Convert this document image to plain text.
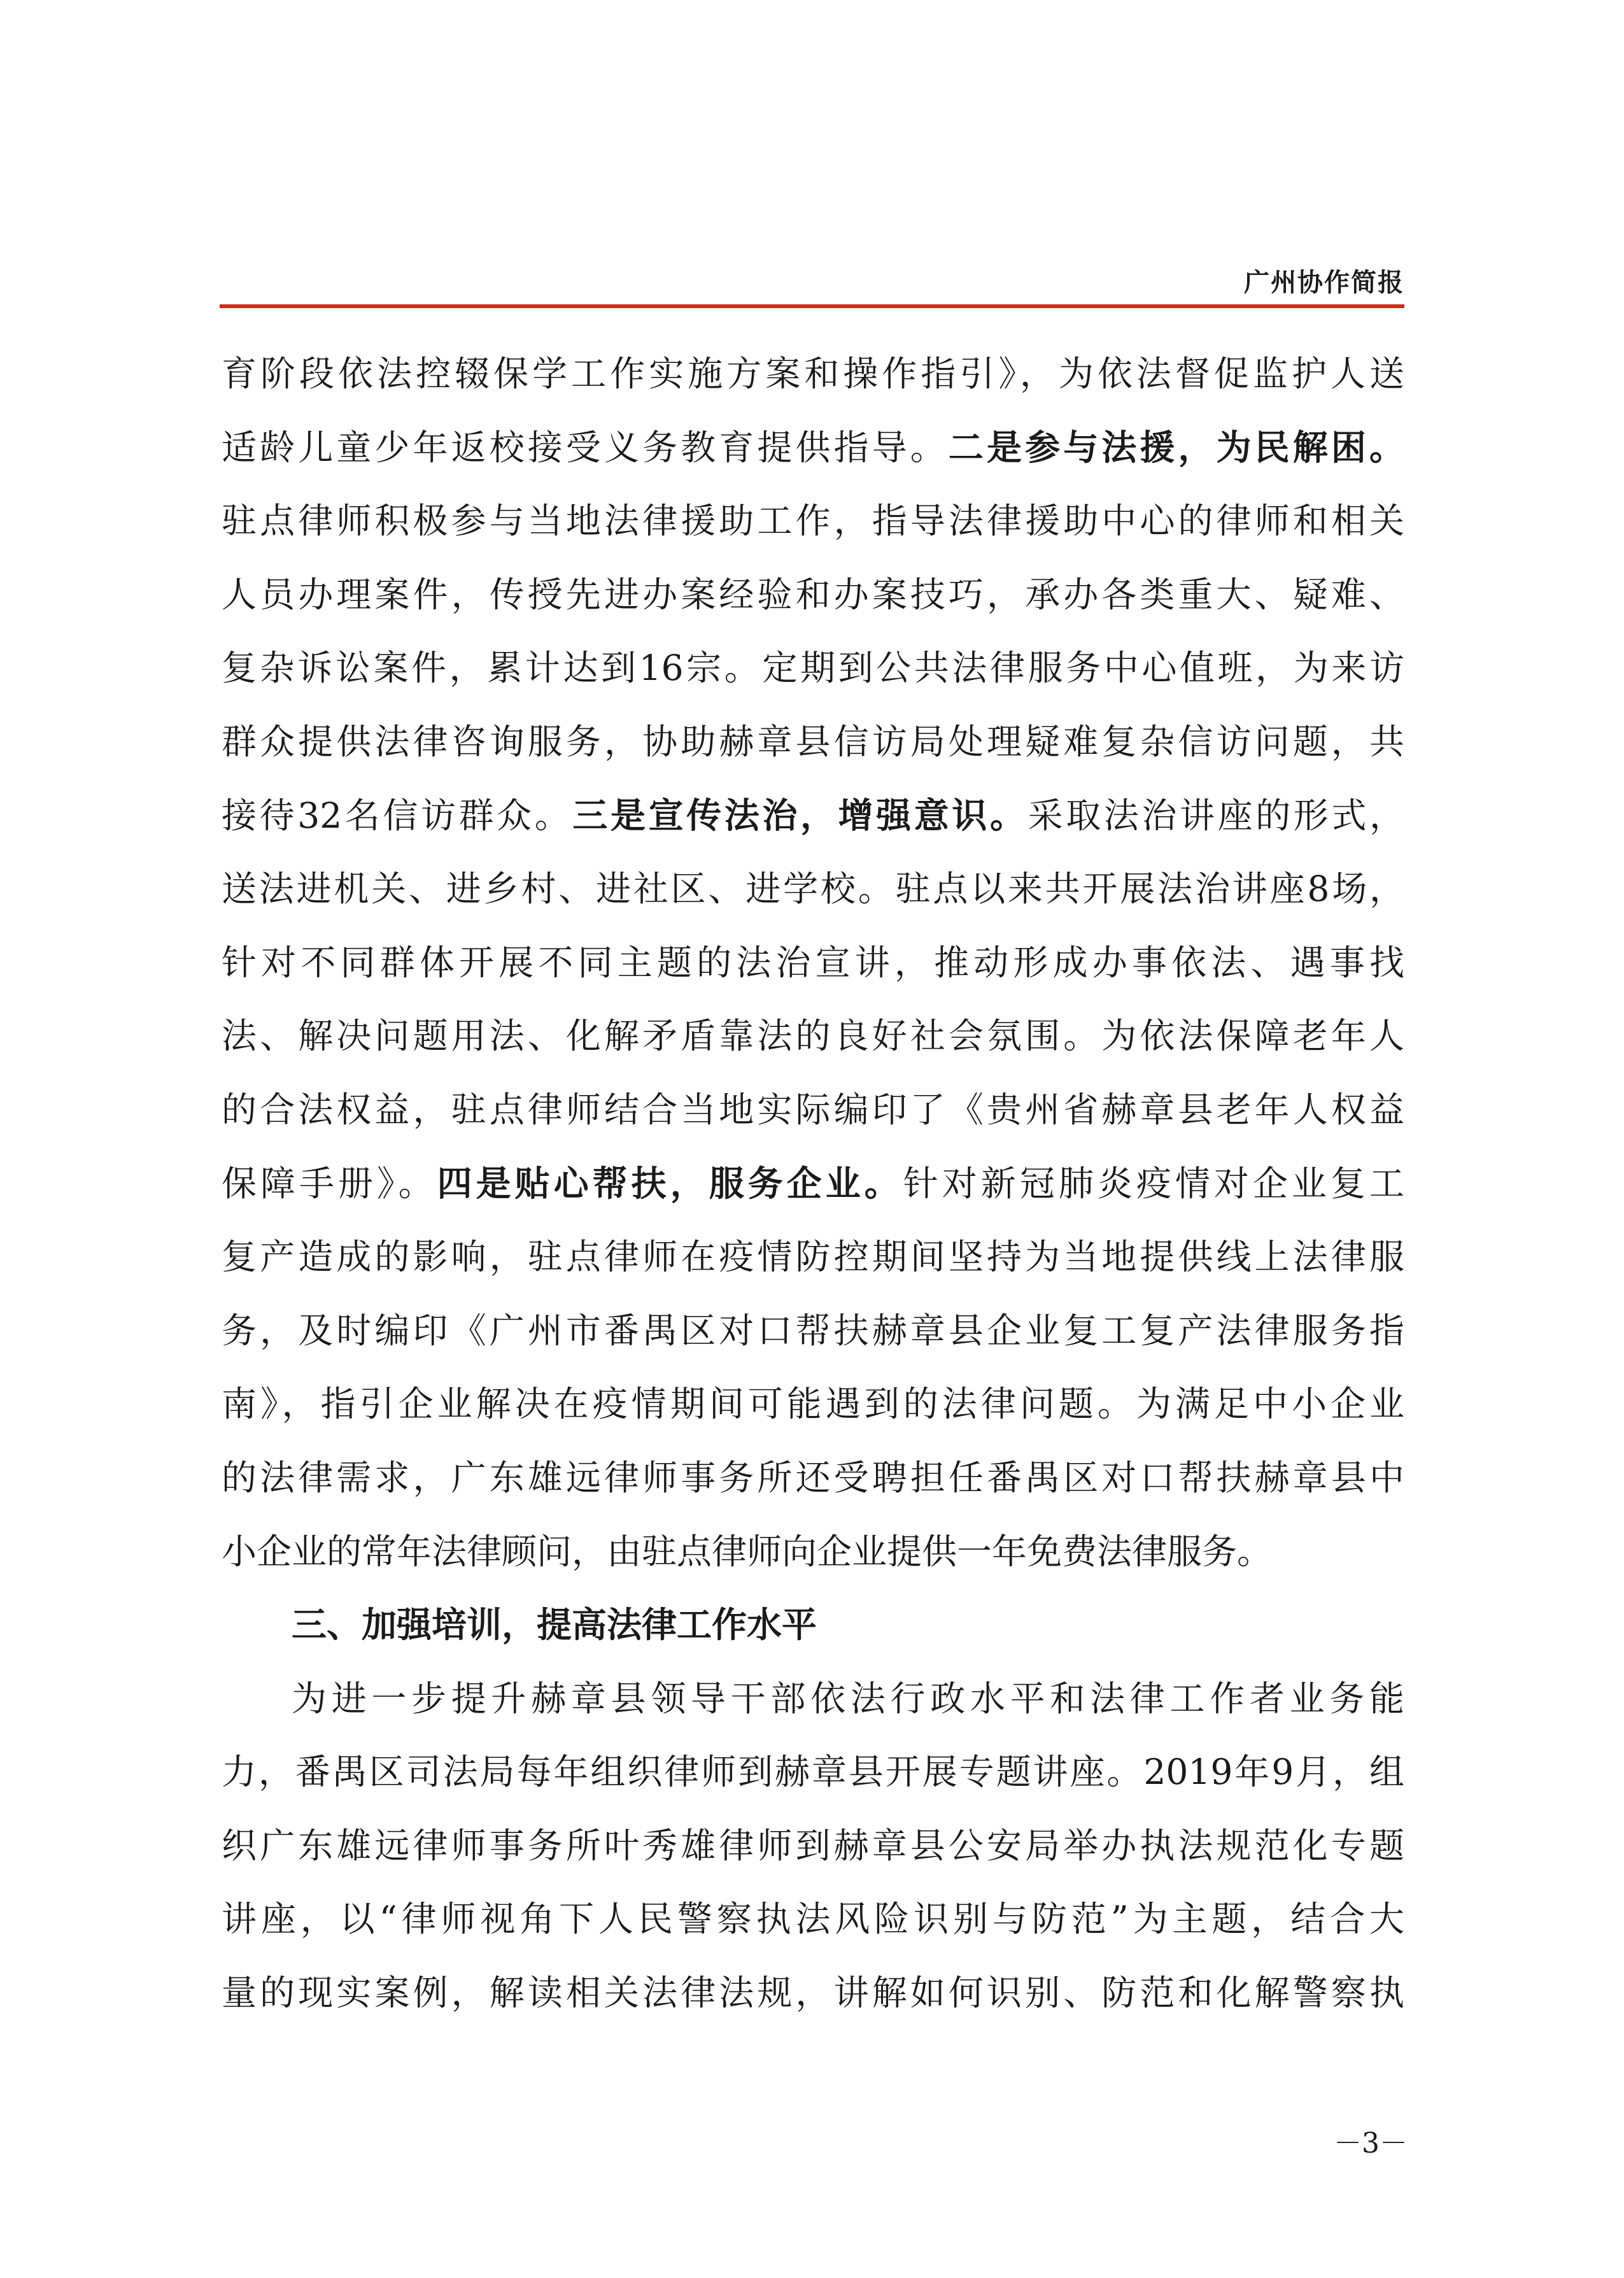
广州协作简报
育阶段依法控辍保学工作实施方案和操作指引》，为依法督促监护人送
适龄儿童少年返校接受义务教育提供指导。二是参与法援，为民解困。
驻点律师积极参与当地法律援助工作，指导法律援助中心的律师和相关
人员办理案件，传授先进办案经验和办案技巧，承办各类重大、疑难、
复杂诉讼案件，累计达到16宗。定期到公共法律服务中心值班，为来访
群众提供法律咨询服务，协助赫章县信访局处理疑难复杂信访问题，共
接待32名信访群众。三是宣传法治，增强意识。采取法治讲座的形式，
送法进机关、进乡村、进社区、进学校。驻点以来共开展法治讲座8场，
针对不同群体开展不同主题的法治宣讲，推动形成办事依法、遇事找
法、解决问题用法、化解矛盾靠法的良好社会氛围。为依法保障老年人
的合法权益，驻点律师结合当地实际编印了《贵州省赫章县老年人权益
保障手册》。四是贴心帮扶，服务企业。针对新冠肺炎疫情对企业复工
复产造成的影响，驻点律师在疫情防控期间坚持为当地提供线上法律服
务，及时编印《广州市番禺区对口帮扶赫章县企业复工复产法律服务指
南》，指引企业解决在疫情期间可能遇到的法律问题。为满足中小企业
的法律需求，广东雄远律师事务所还受聘担任番禺区对口帮扶赫章县中
小企业的常年法律顾问，由驻点律师向企业提供一年免费法律服务。
三、加强培训，提高法律工作水平
为进一步提升赫章县领导干部依法行政水平和法律工作者业务能
力，番禺区司法局每年组织律师到赫章县开展专题讲座。2019年9月，组
织广东雄远律师事务所叶秀雄律师到赫章县公安局举办执法规范化专题
讲座，以“律师视角下人民警察执法风险识别与防范”为主题，结合大
量的现实案例，解读相关法律法规，讲解如何识别、防范和化解警察执
－3－
